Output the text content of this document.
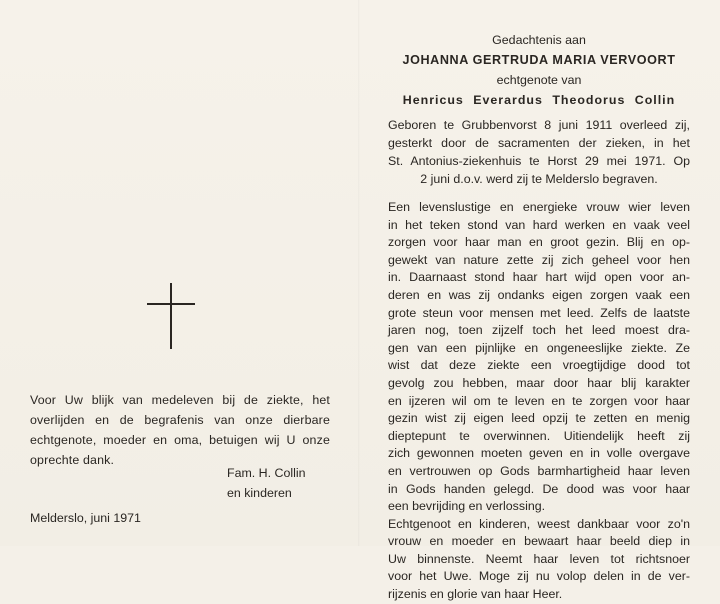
Voor Uw blijk van medeleven bij de ziekte, het

overlijden en de begrafenis van onze dierbare

echtgenote, moeder en oma, betuigen wij U onze

oprechte dank.

Fam. H. Collin
en kinderen
Melderslo, juni 1971
Gedachtenis aan
JOHANNA GERTRUDA MARIA VERVOORT
echtgenote van
Henricus Everardus Theodorus Collin
Geboren te Grubbenvorst 8 juni 1911 overleed zij,
gesterkt door de sacramenten der zieken, in het
St. Antonius-ziekenhuis te Horst 29 mei 1971. Op
2 juni d.o.v. werd zij te Melderslo begraven.
Een levenslustige en energieke vrouw wier leven
in het teken stond van hard werken en vaak veel
zorgen voor haar man en groot gezin. Blij en op-
gewekt van nature zette zij zich geheel voor hen
in. Daarnaast stond haar hart wijd open voor an-
deren en was zij ondanks eigen zorgen vaak een
grote steun voor mensen met leed. Zelfs de laatste
jaren nog, toen zijzelf toch het leed moest dra-
gen van een pijnlijke en ongeneeslijke ziekte. Ze
wist dat deze ziekte een vroegtijdige dood tot
gevolg zou hebben, maar door haar blij karakter
en ijzeren wil om te leven en te zorgen voor haar
gezin wist zij eigen leed opzij te zetten en menig
dieptepunt te overwinnen. Uitiendelijk heeft zij
zich gewonnen moeten geven en in volle overgave
en vertrouwen op Gods barmhartigheid haar leven
in Gods handen gelegd. De dood was voor haar
een bevrijding en verlossing.
Echtgenoot en kinderen, weest dankbaar voor zo'n
vrouw en moeder en bewaart haar beeld diep in
Uw binnenste. Neemt haar leven tot richtsnoer
voor het Uwe. Moge zij nu volop delen in de ver-
rijzenis en glorie van haar Heer.
